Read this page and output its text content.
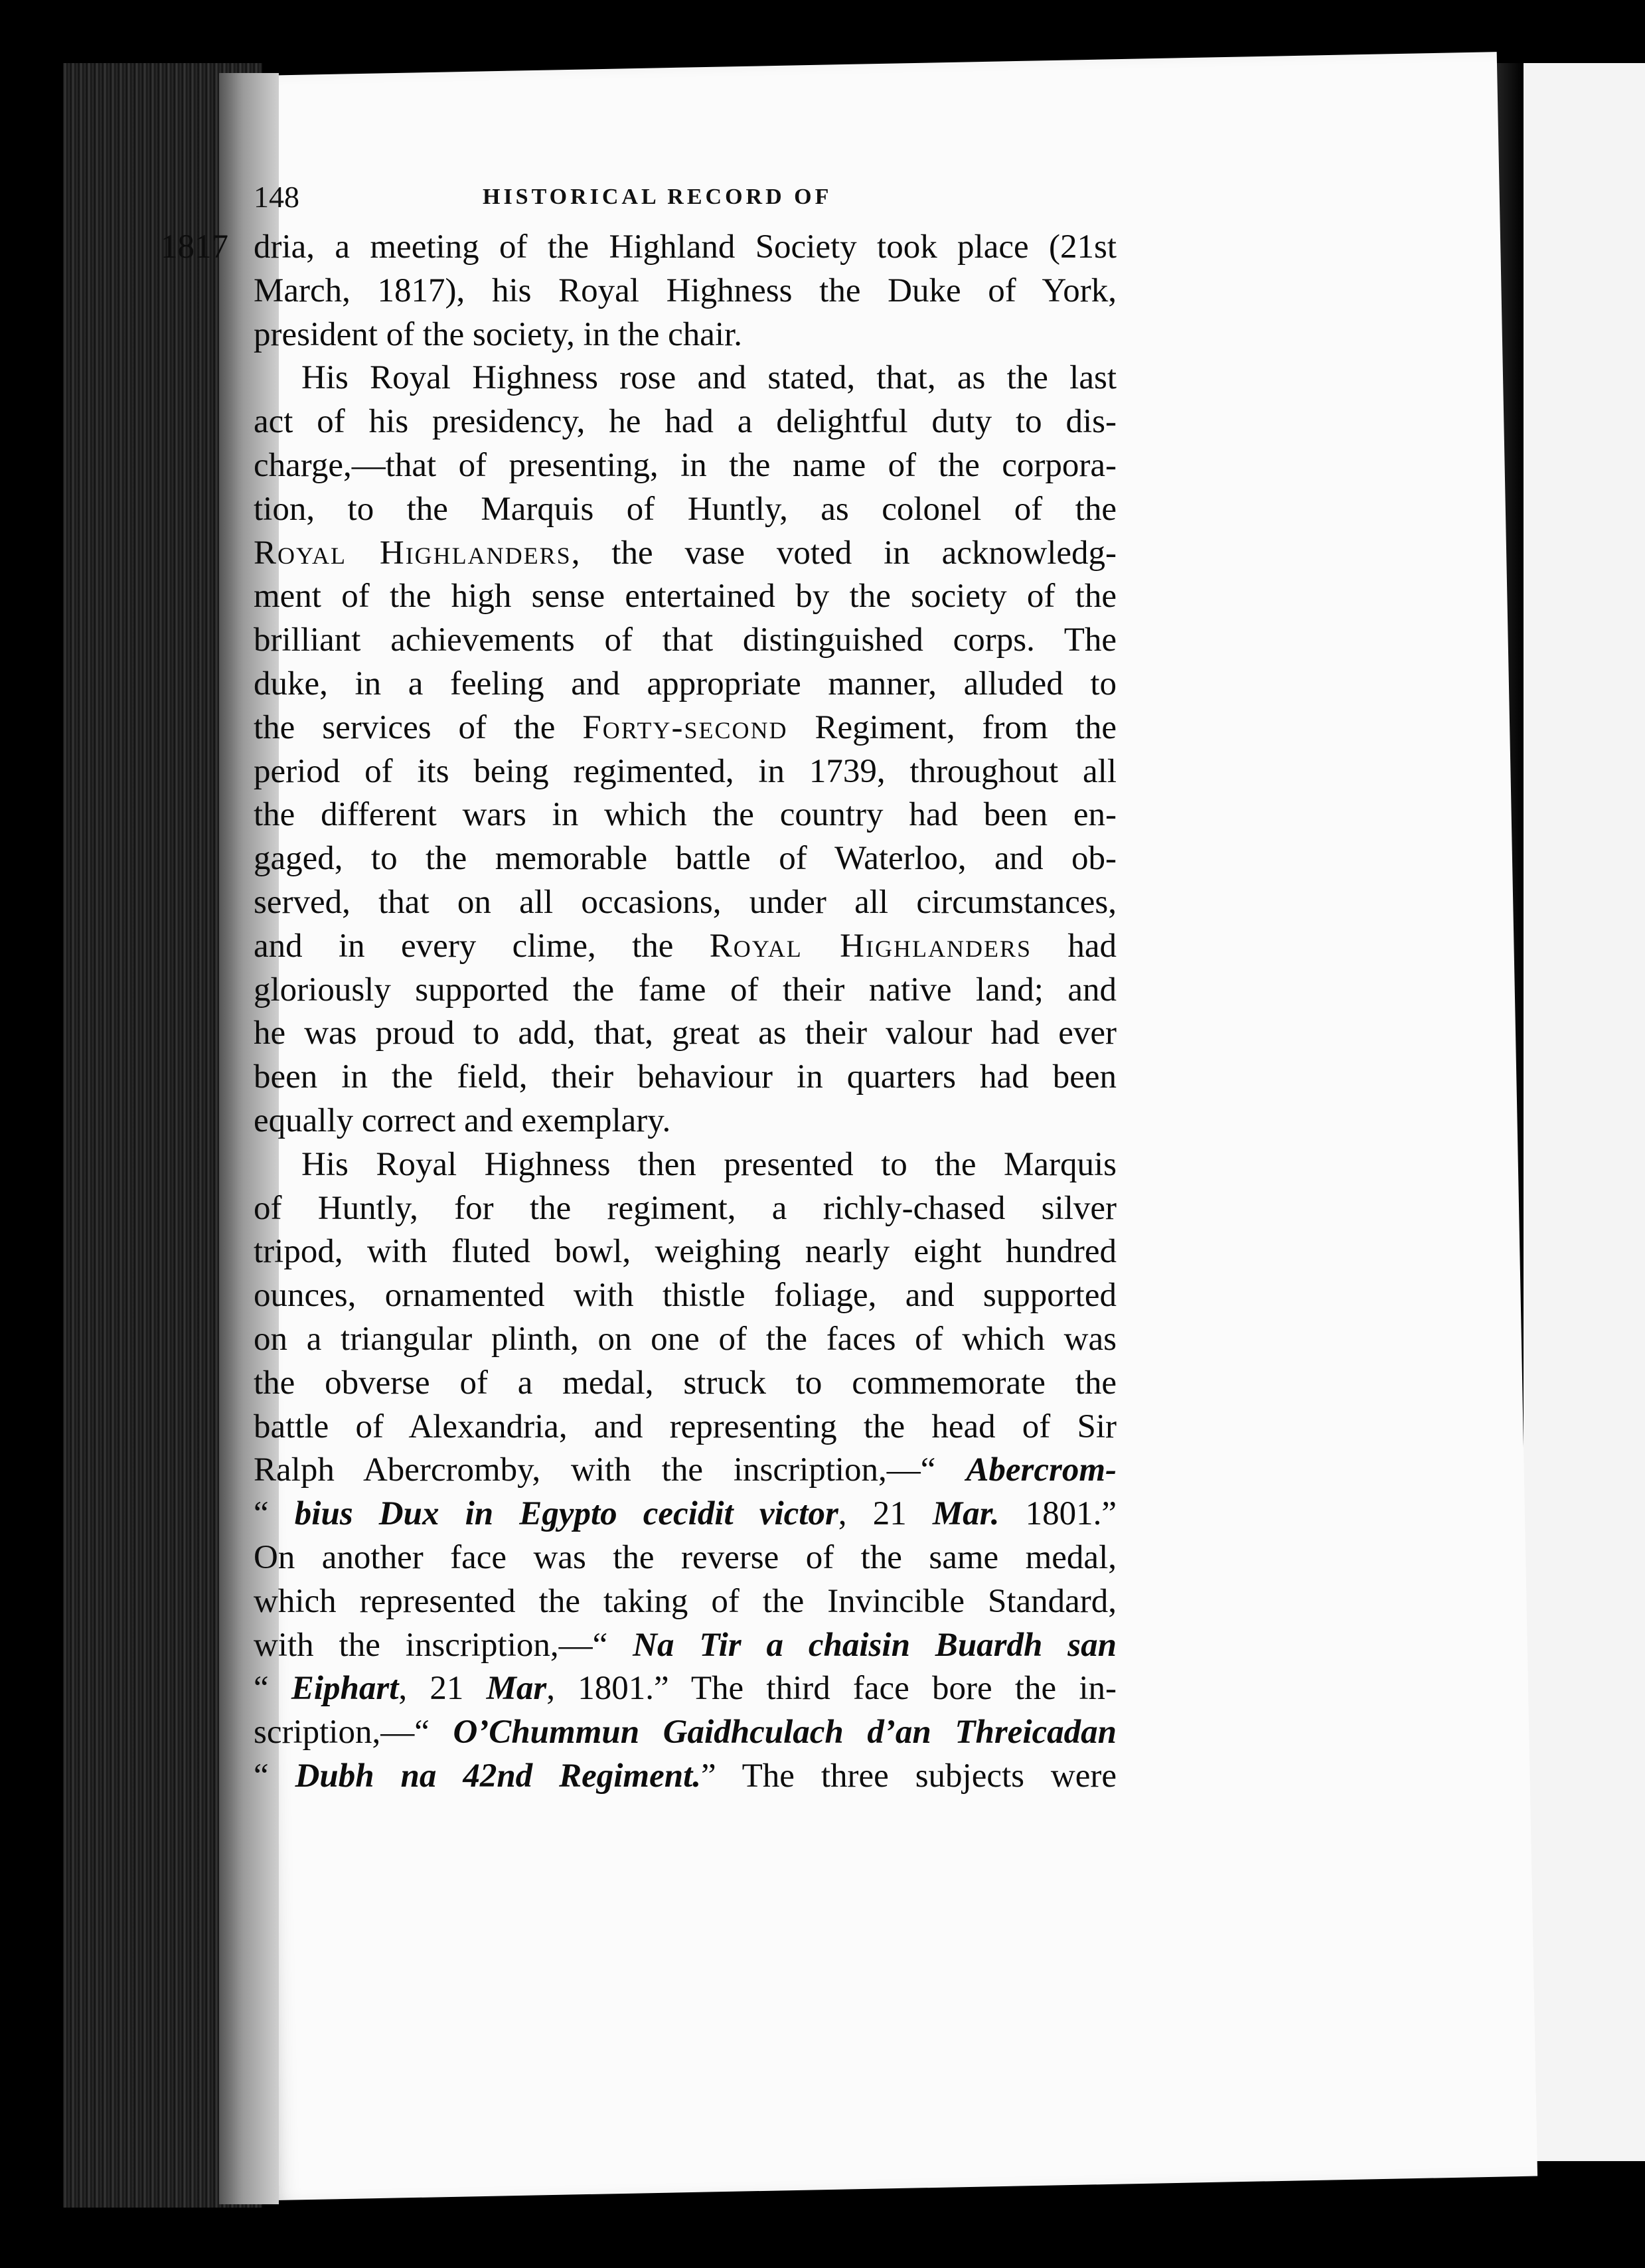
148	HISTORICAL RECORD OF
1817 dria, a meeting of the Highland Society took place (21st
March, 1817), his Royal Highness the Duke of York,
president of the society, in the chair.
His Royal Highness rose and stated, that, as the last
act of his presidency, he had a delightful duty to dis-
charge,—that of presenting, in the name of the corpora-
tion, to the Marquis of Huntly, as colonel of the
Royal Highlanders, the vase voted in acknowledg-
ment of the high sense entertained by the society of the
brilliant achievements of that distinguished corps. The
duke, in a feeling and appropriate manner, alluded to
the services of the Forty-second Regiment, from the
period of its being regimented, in 1739, throughout all
the different wars in which the country had been en-
gaged, to the memorable battle of Waterloo, and ob-
served, that on all occasions, under all circumstances,
and in every clime, the Royal Highlanders had
gloriously supported the fame of their native land; and
he was proud to add, that, great as their valour had ever
been in the field, their behaviour in quarters had been
equally correct and exemplary.
His Royal Highness then presented to the Marquis
of Huntly, for the regiment, a richly-chased silver
tripod, with fluted bowl, weighing nearly eight hundred
ounces, ornamented with thistle foliage, and supported
on a triangular plinth, on one of the faces of which was
the obverse of a medal, struck to commemorate the
battle of Alexandria, and representing the head of Sir
Ralph Abercromby, with the inscription,—“ Abercrom-
“ bius Dux in Egypto cecidit victor, 21 Mar. 1801.”
On another face was the reverse of the same medal,
which represented the taking of the Invincible Standard,
with the inscription,—“ Na Tir a chaisin Buardh san
“ Eiphart, 21 Mar, 1801.” The third face bore the in-
scription,—“ O’Chummun Gaidhculach d’an Threicadan
“ Dubh na 42nd Regiment.” The three subjects were
